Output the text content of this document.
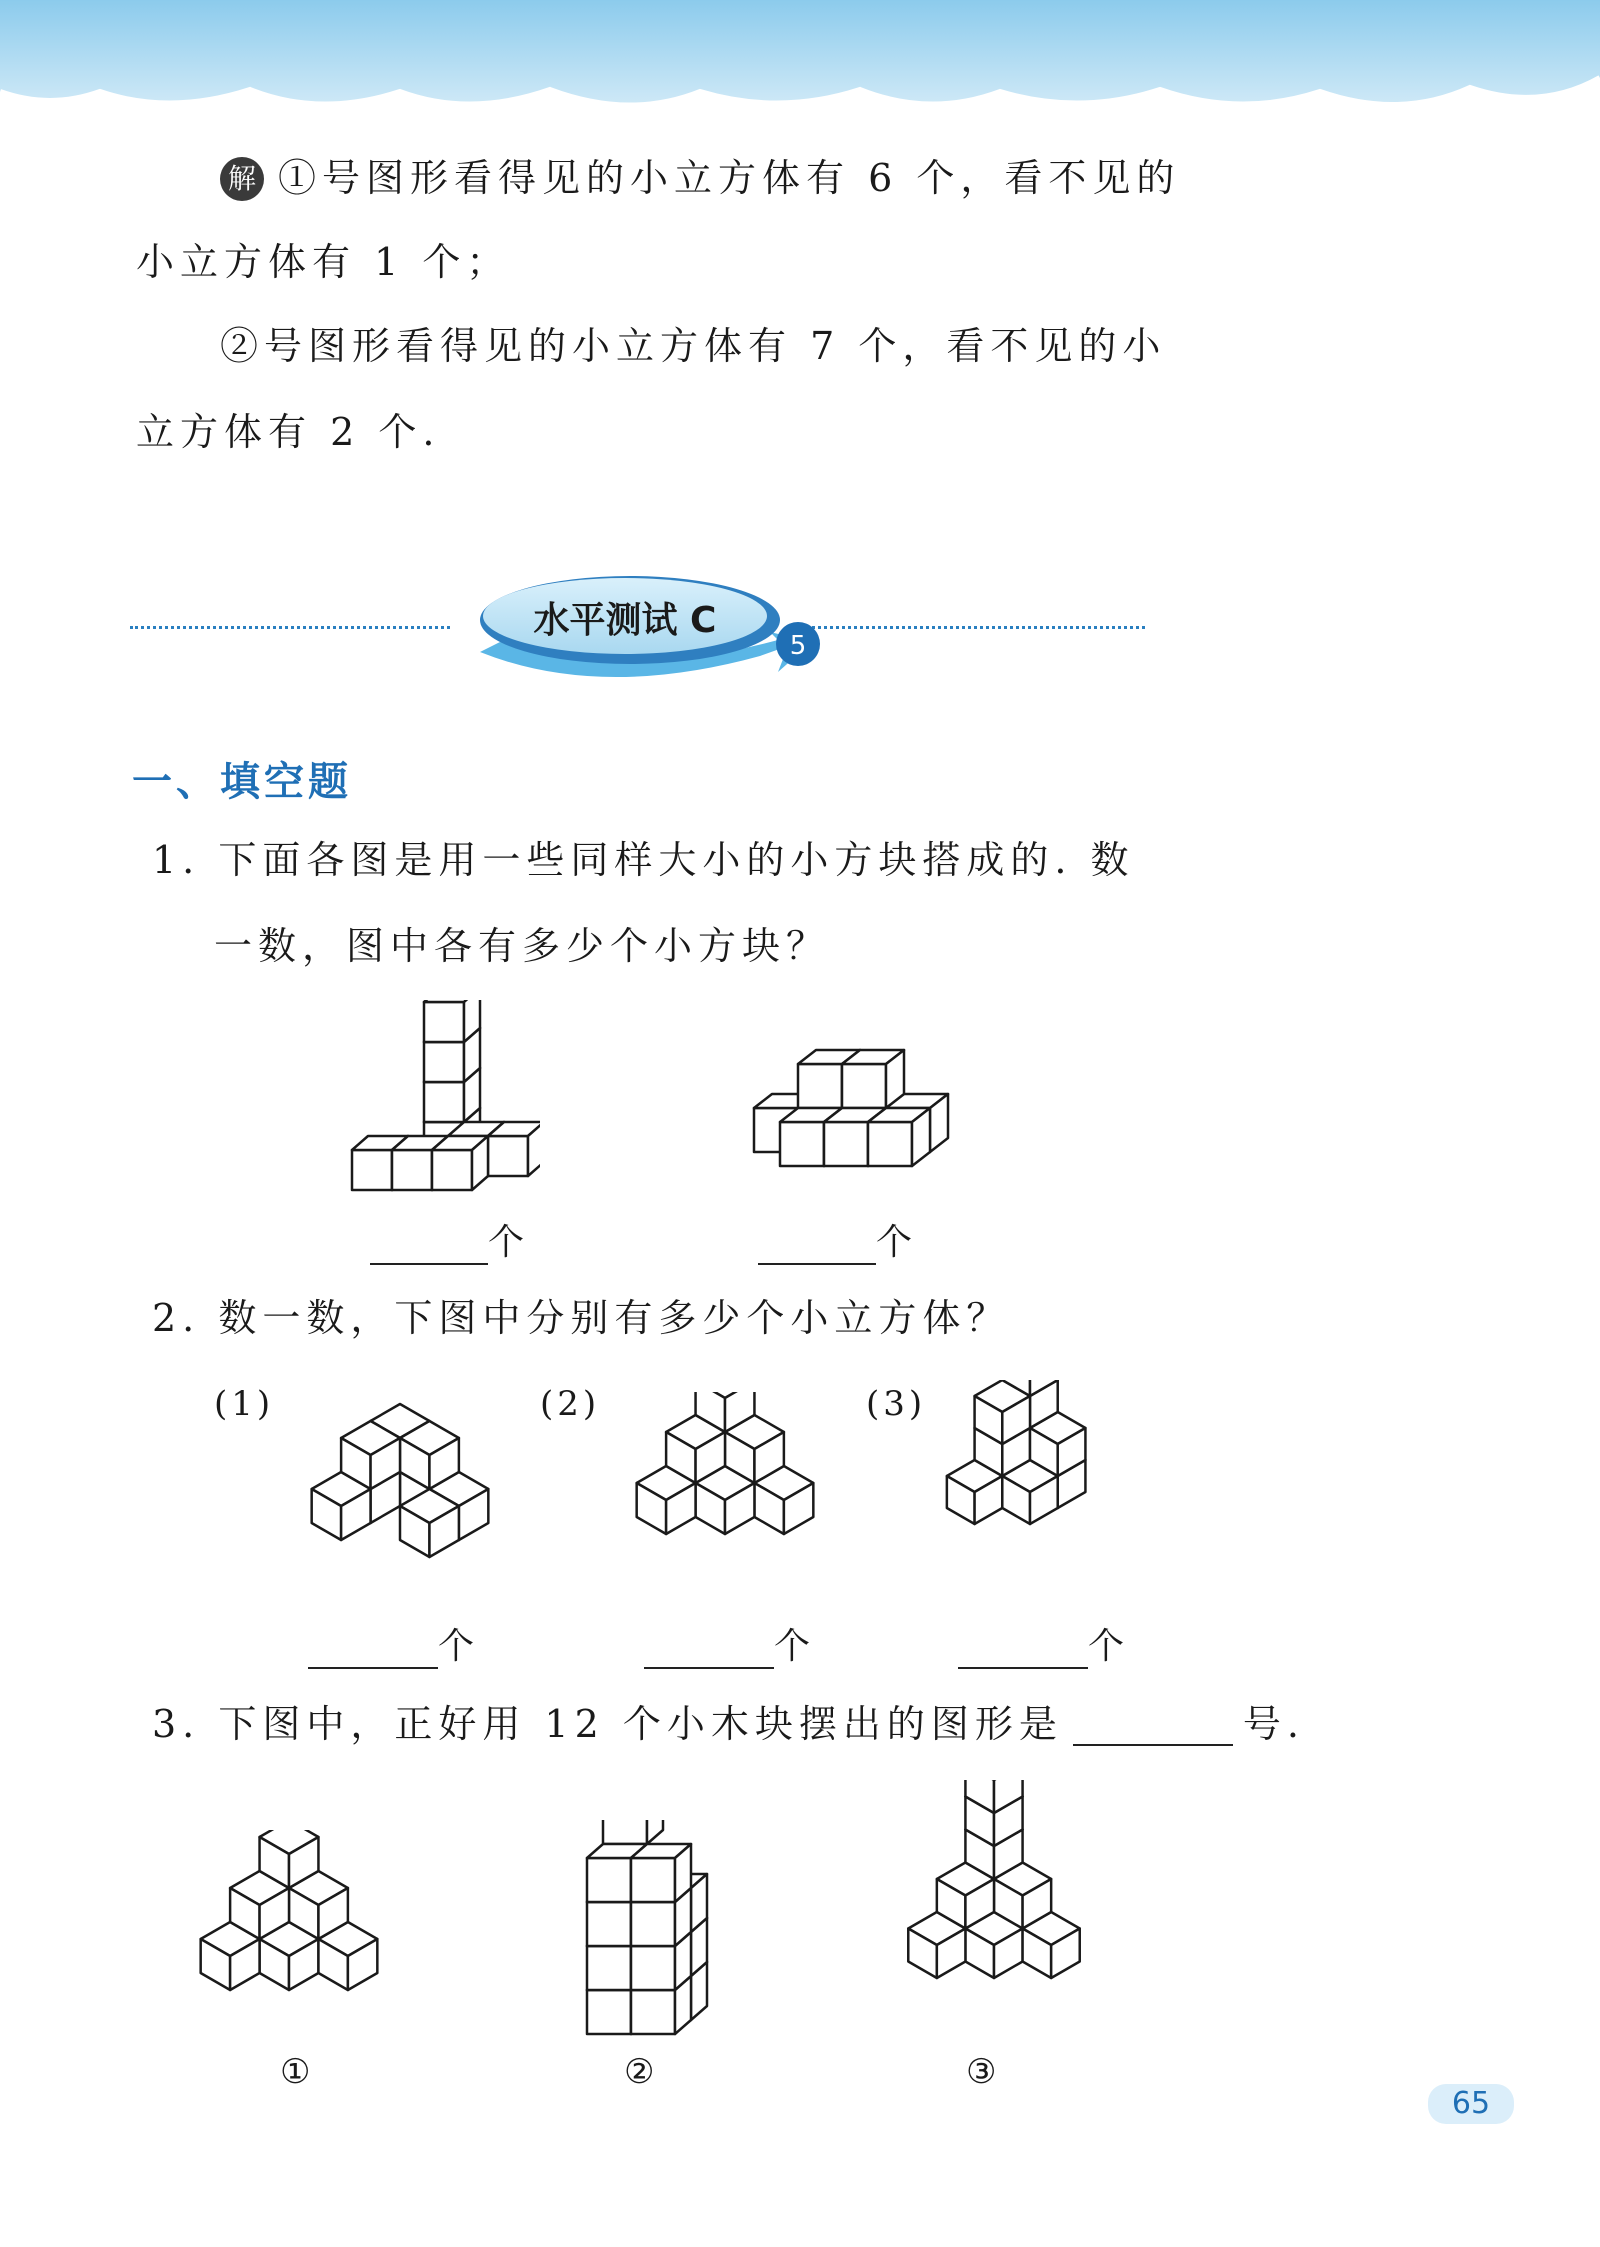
解 ①号图形看得见的小立方体有 6 个，看不见的
小立方体有 1 个；
②号图形看得见的小立方体有 7 个，看不见的小
立方体有 2 个.
5
水平测试 C
一、填空题
1. 下面各图是用一些同样大小的小方块搭成的. 数
一数，图中各有多少个小方块？
个	个
2. 数一数，下图中分别有多少个小立方体？
(1)	(2)	(3)
个	个	个
3. 下图中，正好用 12 个小木块摆出的图形是	号.
①	②	③
65
